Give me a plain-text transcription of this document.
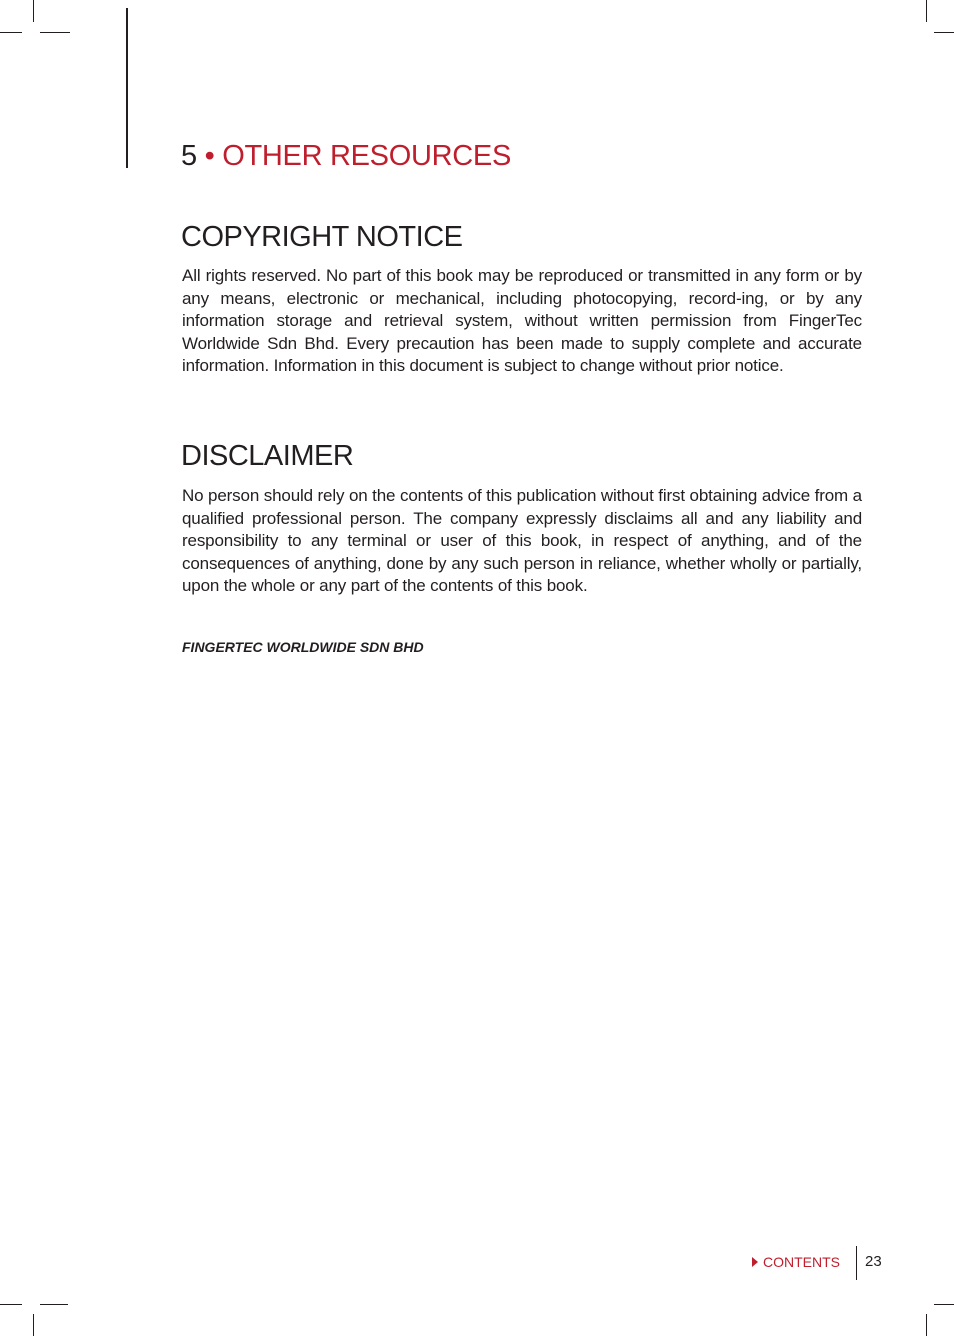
5 • OTHER RESOURCES
COPYRIGHT NOTICE
All rights reserved. No part of this book may be reproduced or transmitted in any form or by any means, electronic or mechanical, including photocopying, record-ing, or by any information storage and retrieval system, without written permission from FingerTec Worldwide Sdn Bhd. Every precaution has been made to supply complete and accurate information. Information in this document is subject to change without prior notice.
DISCLAIMER
No person should rely on the contents of this publication without first obtaining advice from a qualified professional person. The company expressly disclaims all and any liability and responsibility to any terminal or user of this book, in respect of anything, and of the consequences of anything, done by any such person in reliance, whether wholly or partially, upon the whole or any part of the contents of this book.
FINGERTEC WORLDWIDE SDN BHD
CONTENTS 23
